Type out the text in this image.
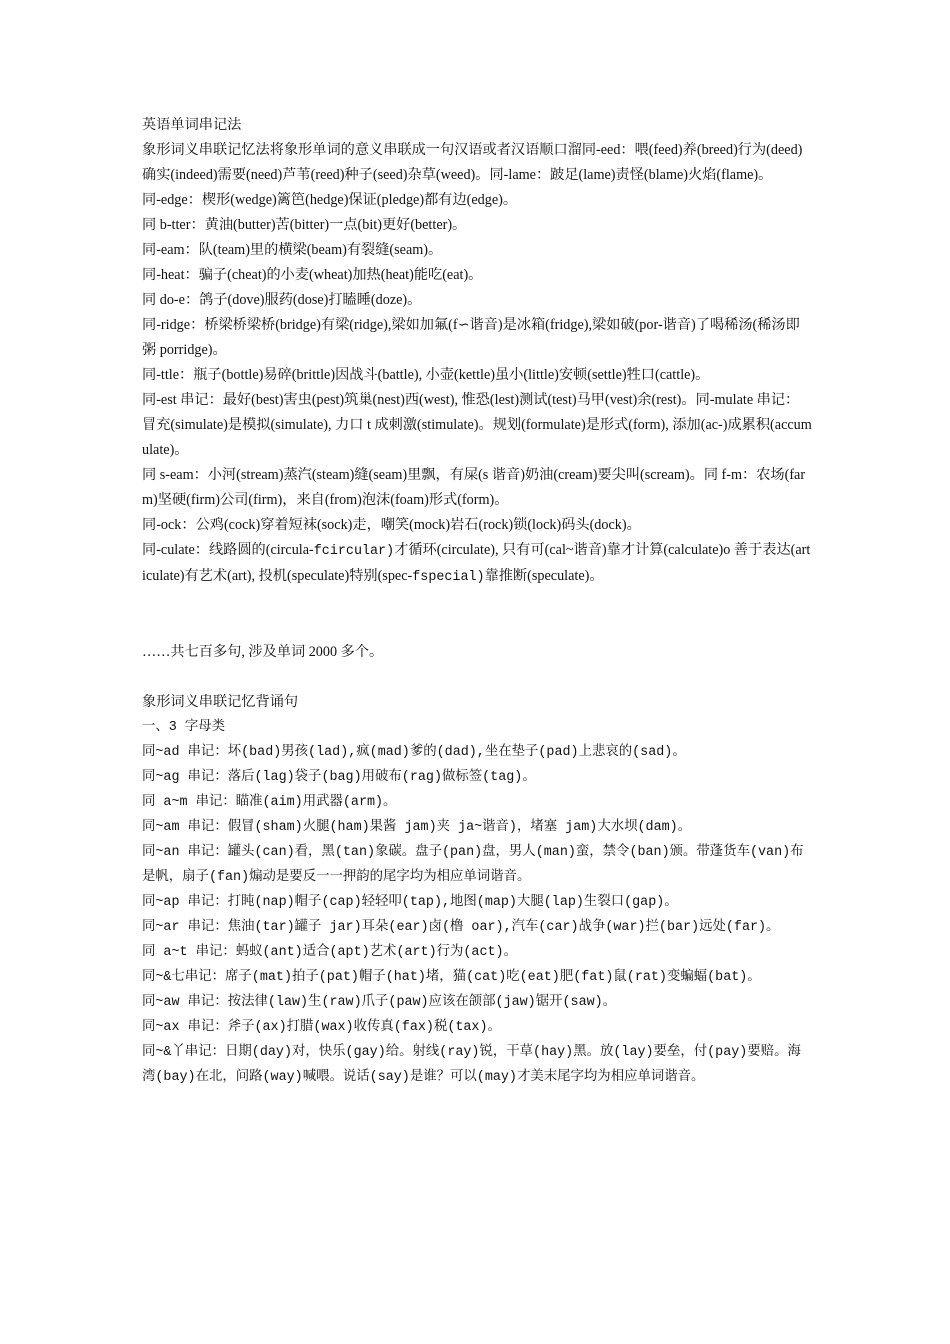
英语单词串记法

象形词义串联记忆法将象形单词的意义串联成一句汉语或者汉语顺口溜同-eed：喂(feed)养(breed)行为(deed)确实(indeed)需要(need)芦苇(reed)种子(seed)杂草(weed)。同-lame：跛足(lame)责怪(blame)火焰(flame)。

同-edge：楔形(wedge)篱笆(hedge)保证(pledge)都有边(edge)。

同 b-tter：黄油(butter)苦(bitter)一点(bit)更好(better)。

同-eam：队(team)里的横梁(beam)有裂缝(seam)。

同-heat：骗子(cheat)的小麦(wheat)加热(heat)能吃(eat)。

同 do-e：鸽子(dove)服药(dose)打瞌睡(doze)。

同-ridge：桥梁桥梁桥(bridge)有梁(ridge),梁如加氟(f∽谐音)是冰箱(fridge),梁如破(por-谐音)了喝稀汤(稀汤即粥 porridge)。

同-ttle：瓶子(bottle)易碎(brittle)因战斗(battle), 小壶(kettle)虽小(little)安顿(settle)牲口(cattle)。

同-est 串记：最好(best)害虫(pest)筑巢(nest)西(west), 惟恐(lest)测试(test)马甲(vest)余(rest)。同-mulate 串记：冒充(simulate)是模拟(simulate), 力口 t 成刺激(stimulate)。规划(formulate)是形式(form), 添加(ac-)成累积(accumulate)。

同 s-eam：小河(stream)蒸汽(steam)缝(seam)里飘，有屎(s 谐音)奶油(cream)要尖叫(scream)。同 f-m：农场(farm)坚硬(firm)公司(firm)，来自(from)泡沫(foam)形式(form)。

同-ock：公鸡(cock)穿着短袜(sock)走，嘲笑(mock)岩石(rock)锁(lock)码头(dock)。

同-culate：线路圆的(circula-fcircular)才循环(circulate), 只有可(cal~谐音)靠才计算(calculate)o 善于表达(articulate)有艺术(art), 投机(speculate)特别(spec-fspecial)靠推断(speculate)。

……共七百多句, 涉及单词 2000 多个。

象形词义串联记忆背诵句

一、3 字母类

同~ad 串记：坏(bad)男孩(lad),疯(mad)爹的(dad),坐在垫子(pad)上悲哀的(sad)。

同~ag 串记：落后(lag)袋子(bag)用破布(rag)做标签(tag)。

同 a~m 串记：瞄准(aim)用武器(arm)。

同~am 串记：假冒(sham)火腿(ham)果酱 jam)夹 ja~谐音)，堵塞 jam)大水坝(dam)。

同~an 串记：罐头(can)看，黑(tan)象碳。盘子(pan)盘，男人(man)蛮，禁令(ban)颁。带蓬货车(van)布是帆，扇子(fan)煽动是要反一一押韵的尾字均为相应单词谐音。

同~ap 串记：打盹(nap)帽子(cap)轻轻叩(tap),地图(map)大腿(lap)生裂口(gap)。

同~ar 串记：焦油(tar)罐子 jar)耳朵(ear)卤(橹 oar),汽车(car)战争(war)拦(bar)远处(far)。

同 a~t 串记：蚂蚁(ant)适合(apt)艺术(art)行为(act)。

同~&七串记：席子(mat)拍子(pat)帽子(hat)堵，猫(cat)吃(eat)肥(fat)鼠(rat)变蝙蝠(bat)。

同~aw 串记：按法律(law)生(raw)爪子(paw)应该在颌部(jaw)锯开(saw)。

同~ax 串记：斧子(ax)打腊(wax)收传真(fax)税(tax)。

同~&丫串记：日期(day)对，快乐(gay)给。射线(ray)锐，干草(hay)黑。放(lay)要垒，付(pay)要赔。海湾(bay)在北，问路(way)喊喂。说话(say)是谁？可以(may)才美末尾字均为相应单词谐音。
